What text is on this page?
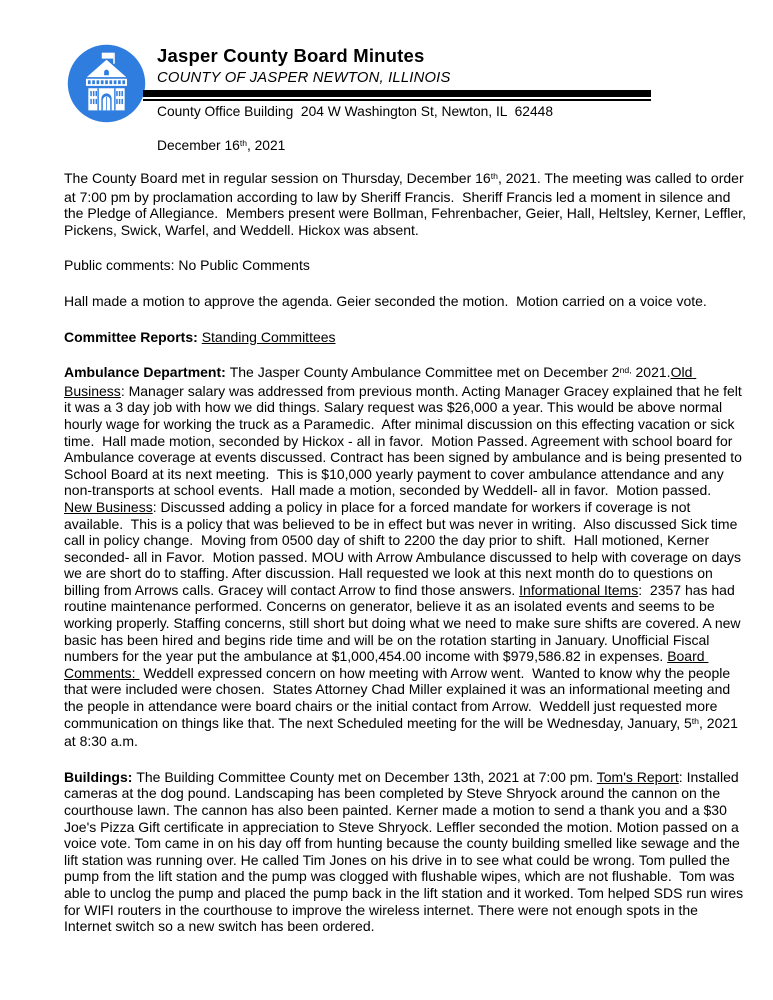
Jasper County Board Minutes
COUNTY OF JASPER NEWTON, ILLINOIS
County Office Building  204 W Washington St, Newton, IL  62448
December 16th, 2021

The County Board met in regular session on Thursday, December 16th, 2021. The meeting was called to order at 7:00 pm by proclamation according to law by Sheriff Francis.  Sheriff Francis led a moment in silence and the Pledge of Allegiance.  Members present were Bollman, Fehrenbacher, Geier, Hall, Heltsley, Kerner, Leffler, Pickens, Swick, Warfel, and Weddell. Hickox was absent.

Public comments: No Public Comments

Hall made a motion to approve the agenda. Geier seconded the motion.  Motion carried on a voice vote.

Committee Reports: Standing Committees

Ambulance Department: The Jasper County Ambulance Committee met on December $2^{nd,}$ 2021.Old Business: Manager salary was addressed from previous month. Acting Manager Gracey explained that he felt it was a 3 day job with how we did things. Salary request was $26,000 a year. This would be above normal hourly wage for working the truck as a Paramedic.  After minimal discussion on this effecting vacation or sick time.  Hall made motion, seconded by Hickox - all in favor.  Motion Passed. Agreement with school board for Ambulance coverage at events discussed. Contract has been signed by ambulance and is being presented to School Board at its next meeting.  This is $10,000 yearly payment to cover ambulance attendance and any non-transports at school events.  Hall made a motion, seconded by Weddell- all in favor.  Motion passed.   New Business: Discussed adding a policy in place for a forced mandate for workers if coverage is not available.  This is a policy that was believed to be in effect but was never in writing.  Also discussed Sick time call in policy change.  Moving from 0500 day of shift to 2200 the day prior to shift.  Hall motioned, Kerner seconded- all in Favor.  Motion passed. MOU with Arrow Ambulance discussed to help with coverage on days we are short do to staffing. After discussion. Hall requested we look at this next month do to questions on billing from Arrows calls. Gracey will contact Arrow to find those answers. Informational Items:  2357 has had routine maintenance performed. Concerns on generator, believe it as an isolated events and seems to be working properly. Staffing concerns, still short but doing what we need to make sure shifts are covered. A new basic has been hired and begins ride time and will be on the rotation starting in January. Unofficial Fiscal numbers for the year put the ambulance at $1,000,454.00 income with $979,586.82 in expenses. Board Comments:  Weddell expressed concern on how meeting with Arrow went.  Wanted to know why the people that were included were chosen.  States Attorney Chad Miller explained it was an informational meeting and the people in attendance were board chairs or the initial contact from Arrow.  Weddell just requested more communication on things like that. The next Scheduled meeting for the will be Wednesday, January, 5th, 2021 at 8:30 a.m.

Buildings: The Building Committee County met on December 13th, 2021 at 7:00 pm. Tom's Report: Installed cameras at the dog pound. Landscaping has been completed by Steve Shryock around the cannon on the courthouse lawn. The cannon has also been painted. Kerner made a motion to send a thank you and a $30 Joe's Pizza Gift certificate in appreciation to Steve Shryock. Leffler seconded the motion. Motion passed on a voice vote. Tom came in on his day off from hunting because the county building smelled like sewage and the lift station was running over. He called Tim Jones on his drive in to see what could be wrong. Tom pulled the pump from the lift station and the pump was clogged with flushable wipes, which are not flushable.  Tom was able to unclog the pump and placed the pump back in the lift station and it worked. Tom helped SDS run wires for WIFI routers in the courthouse to improve the wireless internet. There were not enough spots in the Internet switch so a new switch has been ordered.
